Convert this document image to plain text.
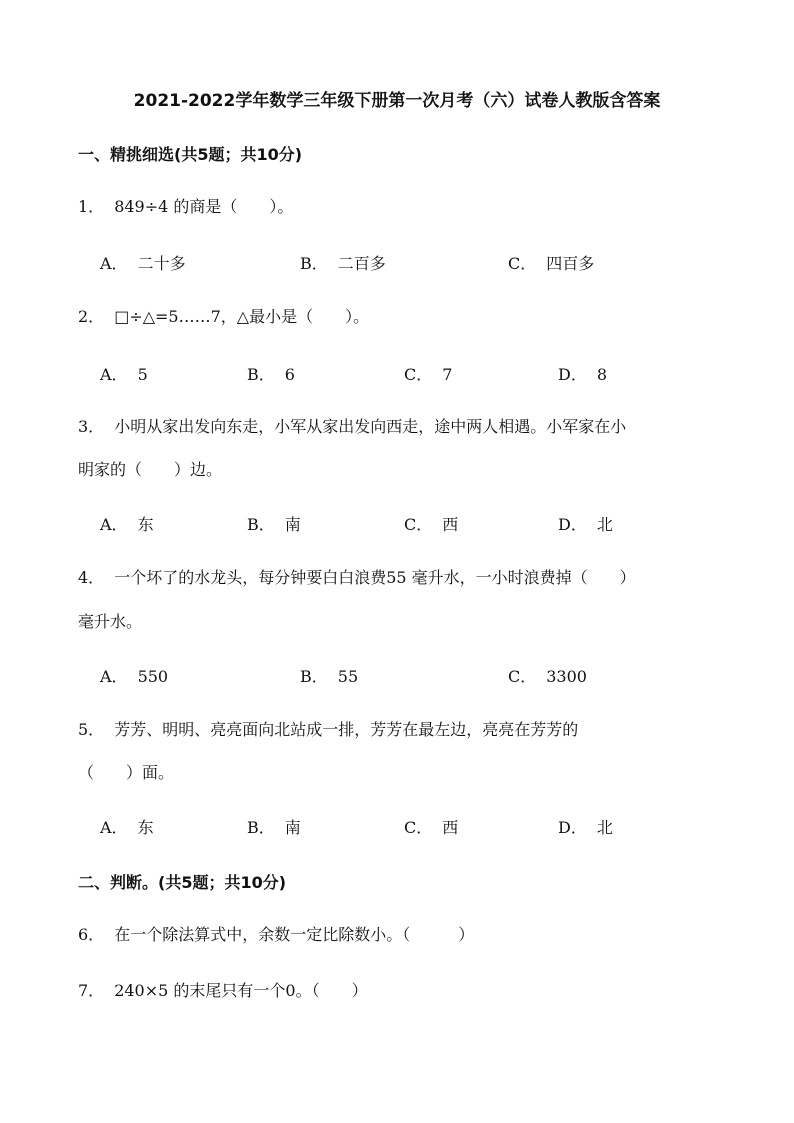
2021-2022学年数学三年级下册第一次月考（六）试卷人教版含答案
一、精挑细选(共5题；共10分)
1． 849÷4 的商是（　　）。
A． 二十多	B． 二百多	C． 四百多
2． □÷△=5……7，△最小是（　　）。
A． 5	B． 6	C． 7	D． 8
3． 小明从家出发向东走，小军从家出发向西走，途中两人相遇。小军家在小
明家的（　　）边。
A． 东	B． 南	C． 西	D． 北
4． 一个坏了的水龙头，每分钟要白白浪费55 毫升水，一小时浪费掉（　　）
毫升水。
A． 550	B． 55	C． 3300
5． 芳芳、明明、亮亮面向北站成一排，芳芳在最左边，亮亮在芳芳的
（　　）面。
A． 东	B． 南	C． 西	D． 北
二、判断。(共5题；共10分)
6． 在一个除法算式中，余数一定比除数小。（　　　）
7． 240×5 的末尾只有一个0。（　　）
